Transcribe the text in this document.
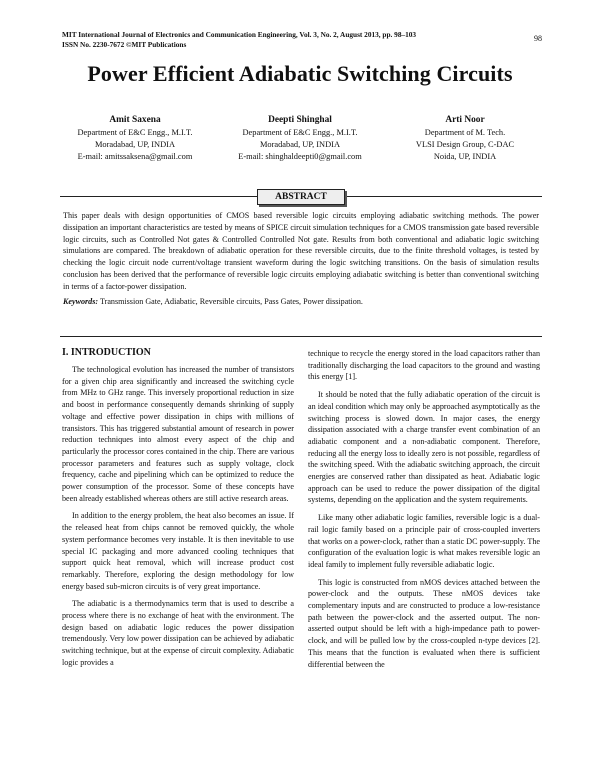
MIT International Journal of Electronics and Communication Engineering, Vol. 3, No. 2, August 2013, pp. 98–103
ISSN No. 2230-7672 ©MIT Publications
98
Power Efficient Adiabatic Switching Circuits
Amit Saxena
Department of E&C Engg., M.I.T.
Moradabad, UP, INDIA
E-mail: amitssaksena@gmail.com
Deepti Shinghal
Department of E&C Engg., M.I.T.
Moradabad, UP, INDIA
E-mail: shinghaldeepti0@gmail.com
Arti Noor
Department of M. Tech.
VLSI Design Group, C-DAC
Noida, UP, INDIA
ABSTRACT
This paper deals with design opportunities of CMOS based reversible logic circuits employing adiabatic switching methods. The power dissipation an important characteristics are tested by means of SPICE circuit simulation techniques for a CMOS transmission gate based reversible logic circuits, such as Controlled Not gates & Controlled Controlled Not gate. Results from both conventional and adiabatic logic switching simulations are compared. The breakdown of adiabatic operation for these reversible circuits, due to the finite threshold voltages, is tested by checking the logic circuit node current/voltage transient waveform during the logic switching transitions. On the basis of simulation results conclusion has been derived that the performance of reversible logic circuits employing adiabatic switching is better than conventional switching in terms of a factor-power dissipation.
Keywords: Transmission Gate, Adiabatic, Reversible circuits, Pass Gates, Power dissipation.

I. INTRODUCTION

The technological evolution has increased the number of transistors for a given chip area significantly and increased the switching cycle from MHz to GHz range. This inversely proportional reduction in size and boost in performance consequently demands shrinking of supply voltage and effective power dissipation in chips with millions of transistors. This has triggered substantial amount of research in power reduction techniques into almost every aspect of the chip and particularly the processor cores contained in the chip. There are various processor parameters and features such as supply voltage, clock frequency, cache and pipelining which can be optimized to reduce the power consumption of the processor. Some of these concepts have been already established whereas others are still active research areas.

In addition to the energy problem, the heat also becomes an issue. If the released heat from chips cannot be removed quickly, the whole system performance becomes very instable. It is then inevitable to use special IC packaging and more advanced cooling techniques that support quick heat removal, which will increase product cost remarkably. Therefore, exploring the design methodology for low energy based sub-micron circuits is of very great importance.

The adiabatic is a thermodynamics term that is used to describe a process where there is no exchange of heat with the environment. The design based on adiabatic logic reduces the power dissipation tremendously. Very low power dissipation can be achieved by adiabatic switching technique, but at the expense of circuit complexity. Adiabatic logic provides a

technique to recycle the energy stored in the load capacitors rather than traditionally discharging the load capacitors to the ground and wasting this energy [1].

It should be noted that the fully adiabatic operation of the circuit is an ideal condition which may only be approached asymptotically as the switching process is slowed down. In major cases, the energy dissipation associated with a charge transfer event combination of an adiabatic component and a non-adiabatic component. Therefore, reducing all the energy loss to ideally zero is not possible, regardless of the switching speed. With the adiabatic switching approach, the circuit energies are conserved rather than dissipated as heat. Adiabatic logic approach can be used to reduce the power dissipation of the digital systems, depending on the application and the system requirements.

Like many other adiabatic logic families, reversible logic is a dual-rail logic family based on a principle pair of cross-coupled inverters that works on a power-clock, rather than a static DC power-supply. The configuration of the evaluation logic is what makes reversible logic an ideal family to implement fully reversible adiabatic logic.

This logic is constructed from nMOS devices attached between the power-clock and the outputs. These nMOS devices take complementary inputs and are constructed to produce a low-resistance path between the power-clock and the asserted output. The non-asserted output should be left with a high-impedance path to power- clock, and will be pulled low by the cross-coupled n-type devices [2]. This means that the function is evaluated when there is sufficient differential between the
